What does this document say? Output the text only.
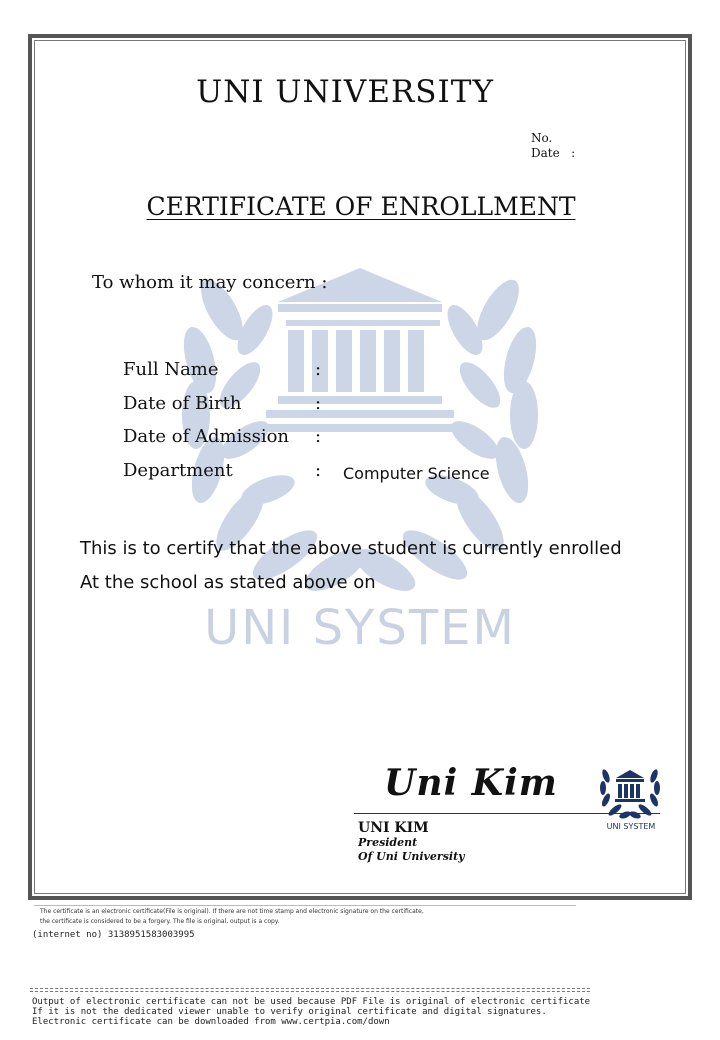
UNI SYSTEM
UNI UNIVERSITY
No.
Date :
CERTIFICATE OF ENROLLMENT
To whom it may concern :
Full Name	:
Date of Birth	:
Date of Admission :
Department	: Computer Science
This is to certify that the above student is currently enrolled
At the school as stated above on
Uni Kim
UNI KIM
President
Of Uni University
UNI SYSTEM
The certificate is an electronic certificate(File is original). If there are not time stamp and electronic signature on the certificate,
the certificate is considered to be a forgery. The file is original, output is a copy.
(internet no) 3138951583003995
Output of electronic certificate can not be used because PDF File is original of electronic certificate
If it is not the dedicated viewer unable to verify original certificate and digital signatures.
Electronic certificate can be downloaded from www.certpia.com/down
